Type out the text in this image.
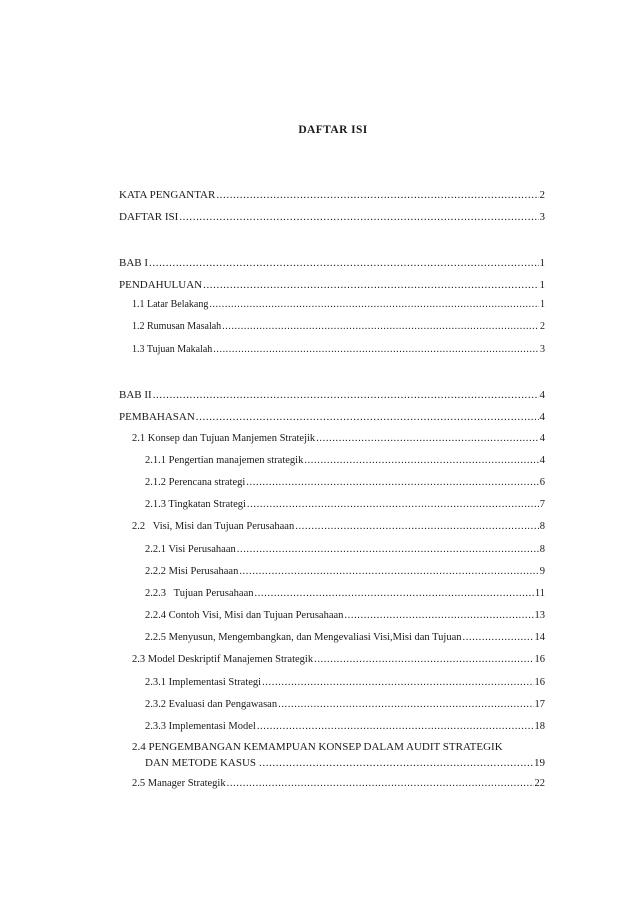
DAFTAR ISI
KATA PENGANTAR .....	2
DAFTAR ISI .....	3
BAB I .....	1
PENDAHULUAN .....	1
1.1 Latar Belakang .....	1
1.2 Rumusan Masalah .....	2
1.3 Tujuan Makalah .....	3
BAB II .....	4
PEMBAHASAN .....	4
2.1 Konsep dan Tujuan Manjemen Stratejik .....	4
2.1.1 Pengertian manajemen strategik .....	4
2.1.2 Perencana strategi .....	6
2.1.3 Tingkatan Strategi .....	7
2.2   Visi, Misi dan Tujuan Perusahaan .....	8
2.2.1 Visi Perusahaan .....	8
2.2.2 Misi Perusahaan .....	9
2.2.3   Tujuan Perusahaan .....	11
2.2.4 Contoh Visi, Misi dan Tujuan Perusahaan .....	13
2.2.5 Menyusun, Mengembangkan, dan Mengevaliasi Visi,Misi dan Tujuan .....	14
2.3 Model Deskriptif Manajemen Strategik .....	16
2.3.1 Implementasi Strategi .....	16
2.3.2 Evaluasi dan Pengawasan .....	17
2.3.3 Implementasi Model .....	18
2.4 PENGEMBANGAN KEMAMPUAN KONSEP DALAM AUDIT STRATEGIK
DAN METODE KASUS .....	19
2.5 Manager Strategik .....	22
